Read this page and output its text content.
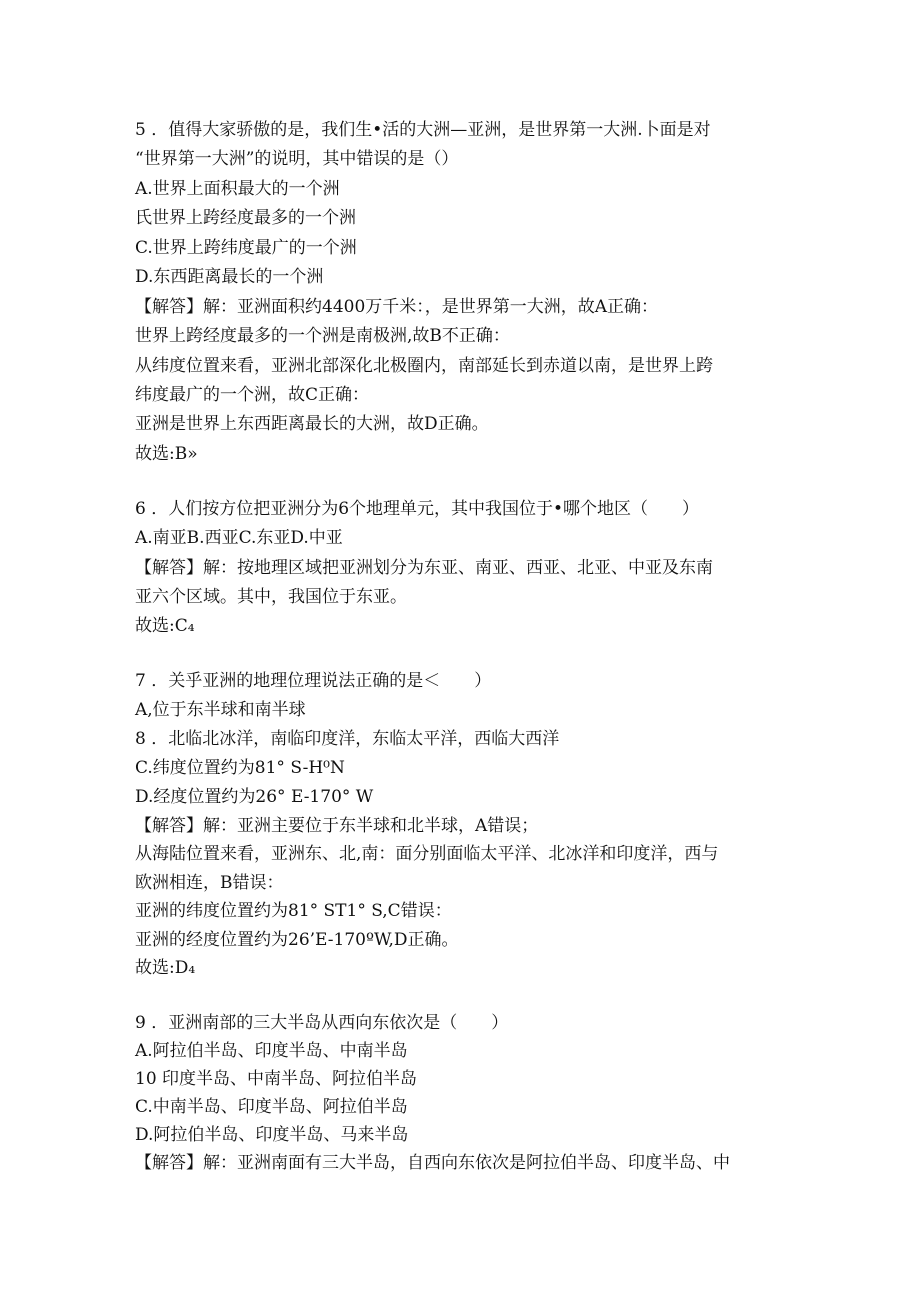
5 ．值得大家骄傲的是，我们生•活的大洲—亚洲，是世界第一大洲.卜面是对
“世界第一大洲”的说明，其中错误的是（）
A.世界上面积最大的一个洲
氏世界上跨经度最多的一个洲
C.世界上跨纬度最广的一个洲
D.东西距离最长的一个洲
【解答】解：亚洲面积约4400万千米：，是世界第一大洲，故A正确：
世界上跨经度最多的一个洲是南极洲,故B不正确：
从纬度位置来看，亚洲北部深化北极圈内，南部延长到赤道以南，是世界上跨
纬度最广的一个洲，故C正确：
亚洲是世界上东西距离最长的大洲，故D正确。
故选:B»
6 ．人们按方位把亚洲分为6个地理单元，其中我国位于•哪个地区（　　）
A.南亚B.西亚C.东亚D.中亚
【解答】解：按地理区域把亚洲划分为东亚、南亚、西亚、北亚、中亚及东南
亚六个区域。其中，我国位于东亚。
故选:C₄
7 ．关乎亚洲的地理位理说法正确的是＜　　）
A,位于东半球和南半球
8 ．北临北冰洋，南临印度洋，东临太平洋，西临大西洋
C.纬度位置约为81° S-H⁰N
D.经度位置约为26° E-170° W
【解答】解：亚洲主要位于东半球和北半球，A错误；
从海陆位置来看，亚洲东、北,南：面分别面临太平洋、北冰洋和印度洋，西与
欧洲相连，B错误：
亚洲的纬度位置约为81° ST1° S,C错误：
亚洲的经度位置约为26’E-170ºW,D正确。
故选:D₄
9 ．亚洲南部的三大半岛从西向东依次是（　　）
A.阿拉伯半岛、印度半岛、中南半岛
10 印度半岛、中南半岛、阿拉伯半岛
C.中南半岛、印度半岛、阿拉伯半岛
D.阿拉伯半岛、印度半岛、马来半岛
【解答】解：亚洲南面有三大半岛，自西向东依次是阿拉伯半岛、印度半岛、中
